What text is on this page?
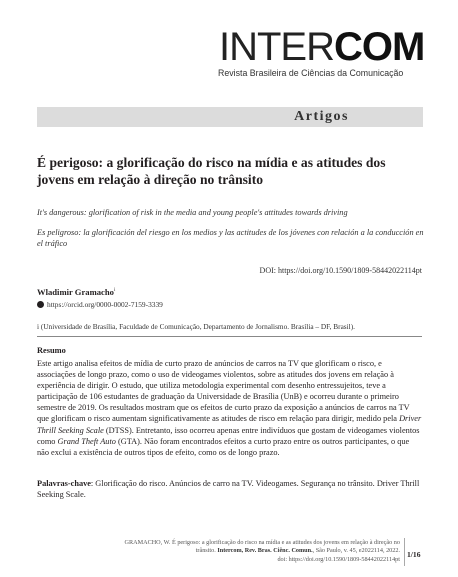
INTERCOM
Revista Brasileira de Ciências da Comunicação
Artigos
É perigoso: a glorificação do risco na mídia e as atitudes dos jovens em relação à direção no trânsito
It's dangerous: glorification of risk in the media and young people's attitudes towards driving
Es peligroso: la glorificación del riesgo en los medios y las actitudes de los jóvenes con relación a la conducción en el tráfico
DOI: https://doi.org/10.1590/1809-58442022114pt
Wladimir Gramacho$^i$
https://orcid.org/0000-0002-7159-3339
i (Universidade de Brasília, Faculdade de Comunicação, Departamento de Jornalismo. Brasília – DF, Brasil).
Resumo
Este artigo analisa efeitos de mídia de curto prazo de anúncios de carros na TV que glorificam o risco, e associações de longo prazo, como o uso de videogames violentos, sobre as atitudes dos jovens em relação à experiência de dirigir. O estudo, que utiliza metodologia experimental com desenho entressujeitos, teve a participação de 106 estudantes de graduação da Universidade de Brasília (UnB) e ocorreu durante o primeiro semestre de 2019. Os resultados mostram que os efeitos de curto prazo da exposição a anúncios de carros na TV que glorificam o risco aumentam significativamente as atitudes de risco em relação para dirigir, medido pela Driver Thrill Seeking Scale (DTSS). Entretanto, isso ocorreu apenas entre indivíduos que gostam de videogames violentos como Grand Theft Auto (GTA). Não foram encontrados efeitos a curto prazo entre os outros participantes, o que não exclui a existência de outros tipos de efeito, como os de longo prazo.
Palavras-chave: Glorificação do risco. Anúncios de carro na TV. Videogames. Segurança no trânsito. Driver Thrill Seeking Scale.
GRAMACHO, W. É perigoso: a glorificação do risco na mídia e as atitudes dos jovens em relação à direção no trânsito. Intercom, Rev. Bras. Ciênc. Comun., São Paulo, v. 45, e2022114, 2022.
doi: https://doi.org/10.1590/1809-58442022114pt
1/16
